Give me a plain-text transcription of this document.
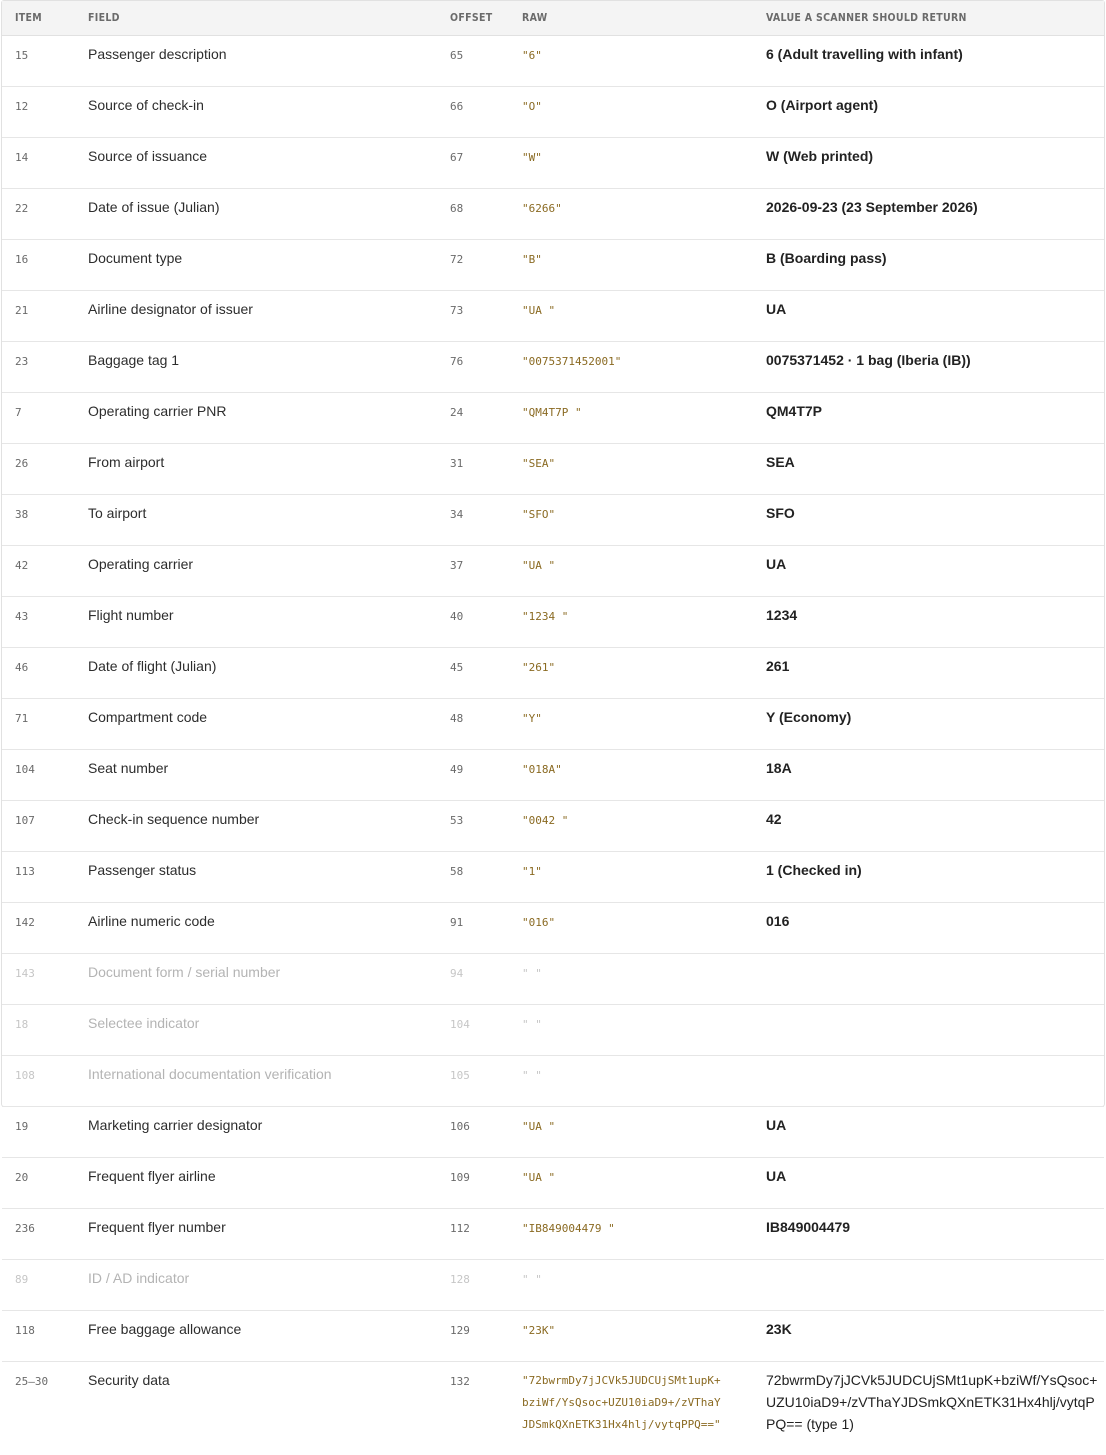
ITEM	FIELD	OFFSET	RAW	VALUE A SCANNER SHOULD RETURN
15	Passenger description	65	"6"	6 (Adult travelling with infant)
12	Source of check-in	66	"O"	O (Airport agent)
14	Source of issuance	67	"W"	W (Web printed)
22	Date of issue (Julian)	68	"6266"	2026-09-23 (23 September 2026)
16	Document type	72	"B"	B (Boarding pass)
21	Airline designator of issuer	73	"UA "	UA
23	Baggage tag 1	76	"0075371452001"	0075371452 · 1 bag (Iberia (IB))
7	Operating carrier PNR	24	"QM4T7P "	QM4T7P
26	From airport	31	"SEA"	SEA
38	To airport	34	"SFO"	SFO
42	Operating carrier	37	"UA "	UA
43	Flight number	40	"1234 "	1234
46	Date of flight (Julian)	45	"261"	261
71	Compartment code	48	"Y"	Y (Economy)
104	Seat number	49	"018A"	18A
107	Check-in sequence number	53	"0042 "	42
113	Passenger status	58	"1"	1 (Checked in)
142	Airline numeric code	91	"016"	016
143	Document form / serial number	94	" "	
18	Selectee indicator	104	" "	
108	International documentation verification	105	" "	
19	Marketing carrier designator	106	"UA "	UA
20	Frequent flyer airline	109	"UA "	UA
236	Frequent flyer number	112	"IB849004479 "	IB849004479
89	ID / AD indicator	128	" "	
118	Free baggage allowance	129	"23K"	23K
25–30	Security data	132	"72bwrmDy7jJCVk5JUDCUjSMt1upK+
bziWf/YsQsoc+UZU10iaD9+/zVThaY
JDSmkQXnETK31Hx4hlj/vytqPPQ=="	72bwrmDy7jJCVk5JUDCUjSMt1upK+bziWf/YsQsoc+UZU10iaD9+/zVThaYJDSmkQXnETK31Hx4hlj/vytqPPQ== (type 1)
